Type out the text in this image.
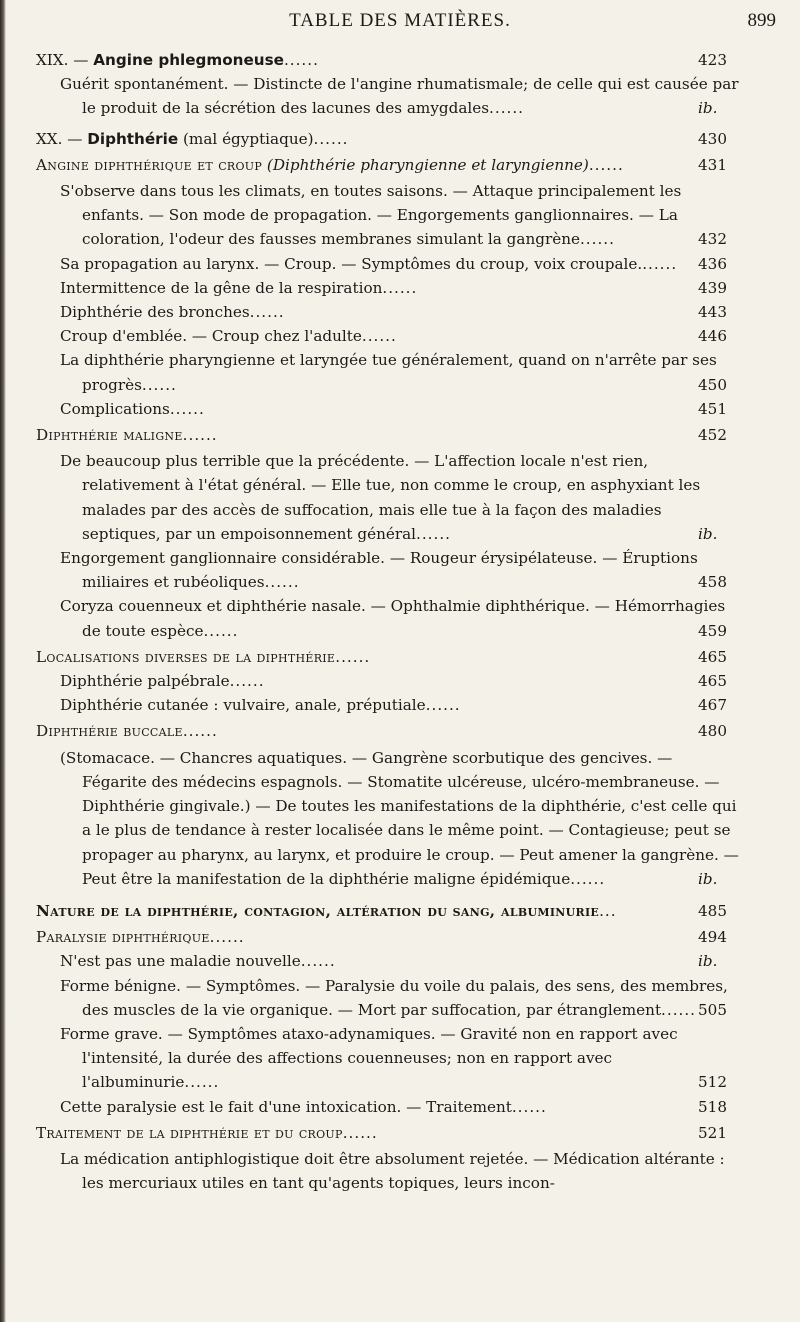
TABLE DES MATIÈRES.	899
XIX. — Angine phlegmoneuse......	423
Guérit spontanément. — Distincte de l'angine rhumatismale; de celle qui est causée par le produit de la sécrétion des lacunes des amygdales......	ib.
XX. — Diphthérie (mal égyptiaque)......	430
Angine diphthérique et croup (Diphthérie pharyngienne et laryngienne)......	431
S'observe dans tous les climats, en toutes saisons. — Attaque principalement les enfants. — Son mode de propagation. — Engorgements ganglionnaires. — La coloration, l'odeur des fausses membranes simulant la gangrène......	432
Sa propagation au larynx. — Croup. — Symptômes du croup, voix croupale....... 436
Intermittence de la gêne de la respiration......	439
Diphthérie des bronches......	443
Croup d'emblée. — Croup chez l'adulte......	446
La diphthérie pharyngienne et laryngée tue généralement, quand on n'arrête par ses progrès......	450
Complications......	451
Diphthérie maligne......	452
De beaucoup plus terrible que la précédente. — L'affection locale n'est rien, relativement à l'état général. — Elle tue, non comme le croup, en asphyxiant les malades par des accès de suffocation, mais elle tue à la façon des maladies septiques, par un empoisonnement général......	ib.
Engorgement ganglionnaire considérable. — Rougeur érysipélateuse. — Éruptions miliaires et rubéoliques......	458
Coryza couenneux et diphthérie nasale. — Ophthalmie diphthérique. — Hémorrhagies de toute espèce......	459
Localisations diverses de la diphthérie......	465
Diphthérie palpébrale......	465
Diphthérie cutanée : vulvaire, anale, préputiale......	467
Diphthérie buccale......	480
(Stomacace. — Chancres aquatiques. — Gangrène scorbutique des gencives. — Fégarite des médecins espagnols. — Stomatite ulcéreuse, ulcéro-membraneuse. — Diphthérie gingivale.) — De toutes les manifestations de la diphthérie, c'est celle qui a le plus de tendance à rester localisée dans le même point. — Contagieuse; peut se propager au pharynx, au larynx, et produire le croup. — Peut amener la gangrène. — Peut être la manifestation de la diphthérie maligne épidémique......	ib.
Nature de la diphthérie, contagion, altération du sang, albuminurie...	485
Paralysie diphthérique......	494
N'est pas une maladie nouvelle......	ib.
Forme bénigne. — Symptômes. — Paralysie du voile du palais, des sens, des membres, des muscles de la vie organique. — Mort par suffocation, par étranglement...... 505
Forme grave. — Symptômes ataxo-adynamiques. — Gravité non en rapport avec l'intensité, la durée des affections couenneuses; non en rapport avec l'albuminurie......	512
Cette paralysie est le fait d'une intoxication. — Traitement......	518
Traitement de la diphthérie et du croup......	521
La médication antiphlogistique doit être absolument rejetée. — Médication altérante : les mercuriaux utiles en tant qu'agents topiques, leurs incon-
